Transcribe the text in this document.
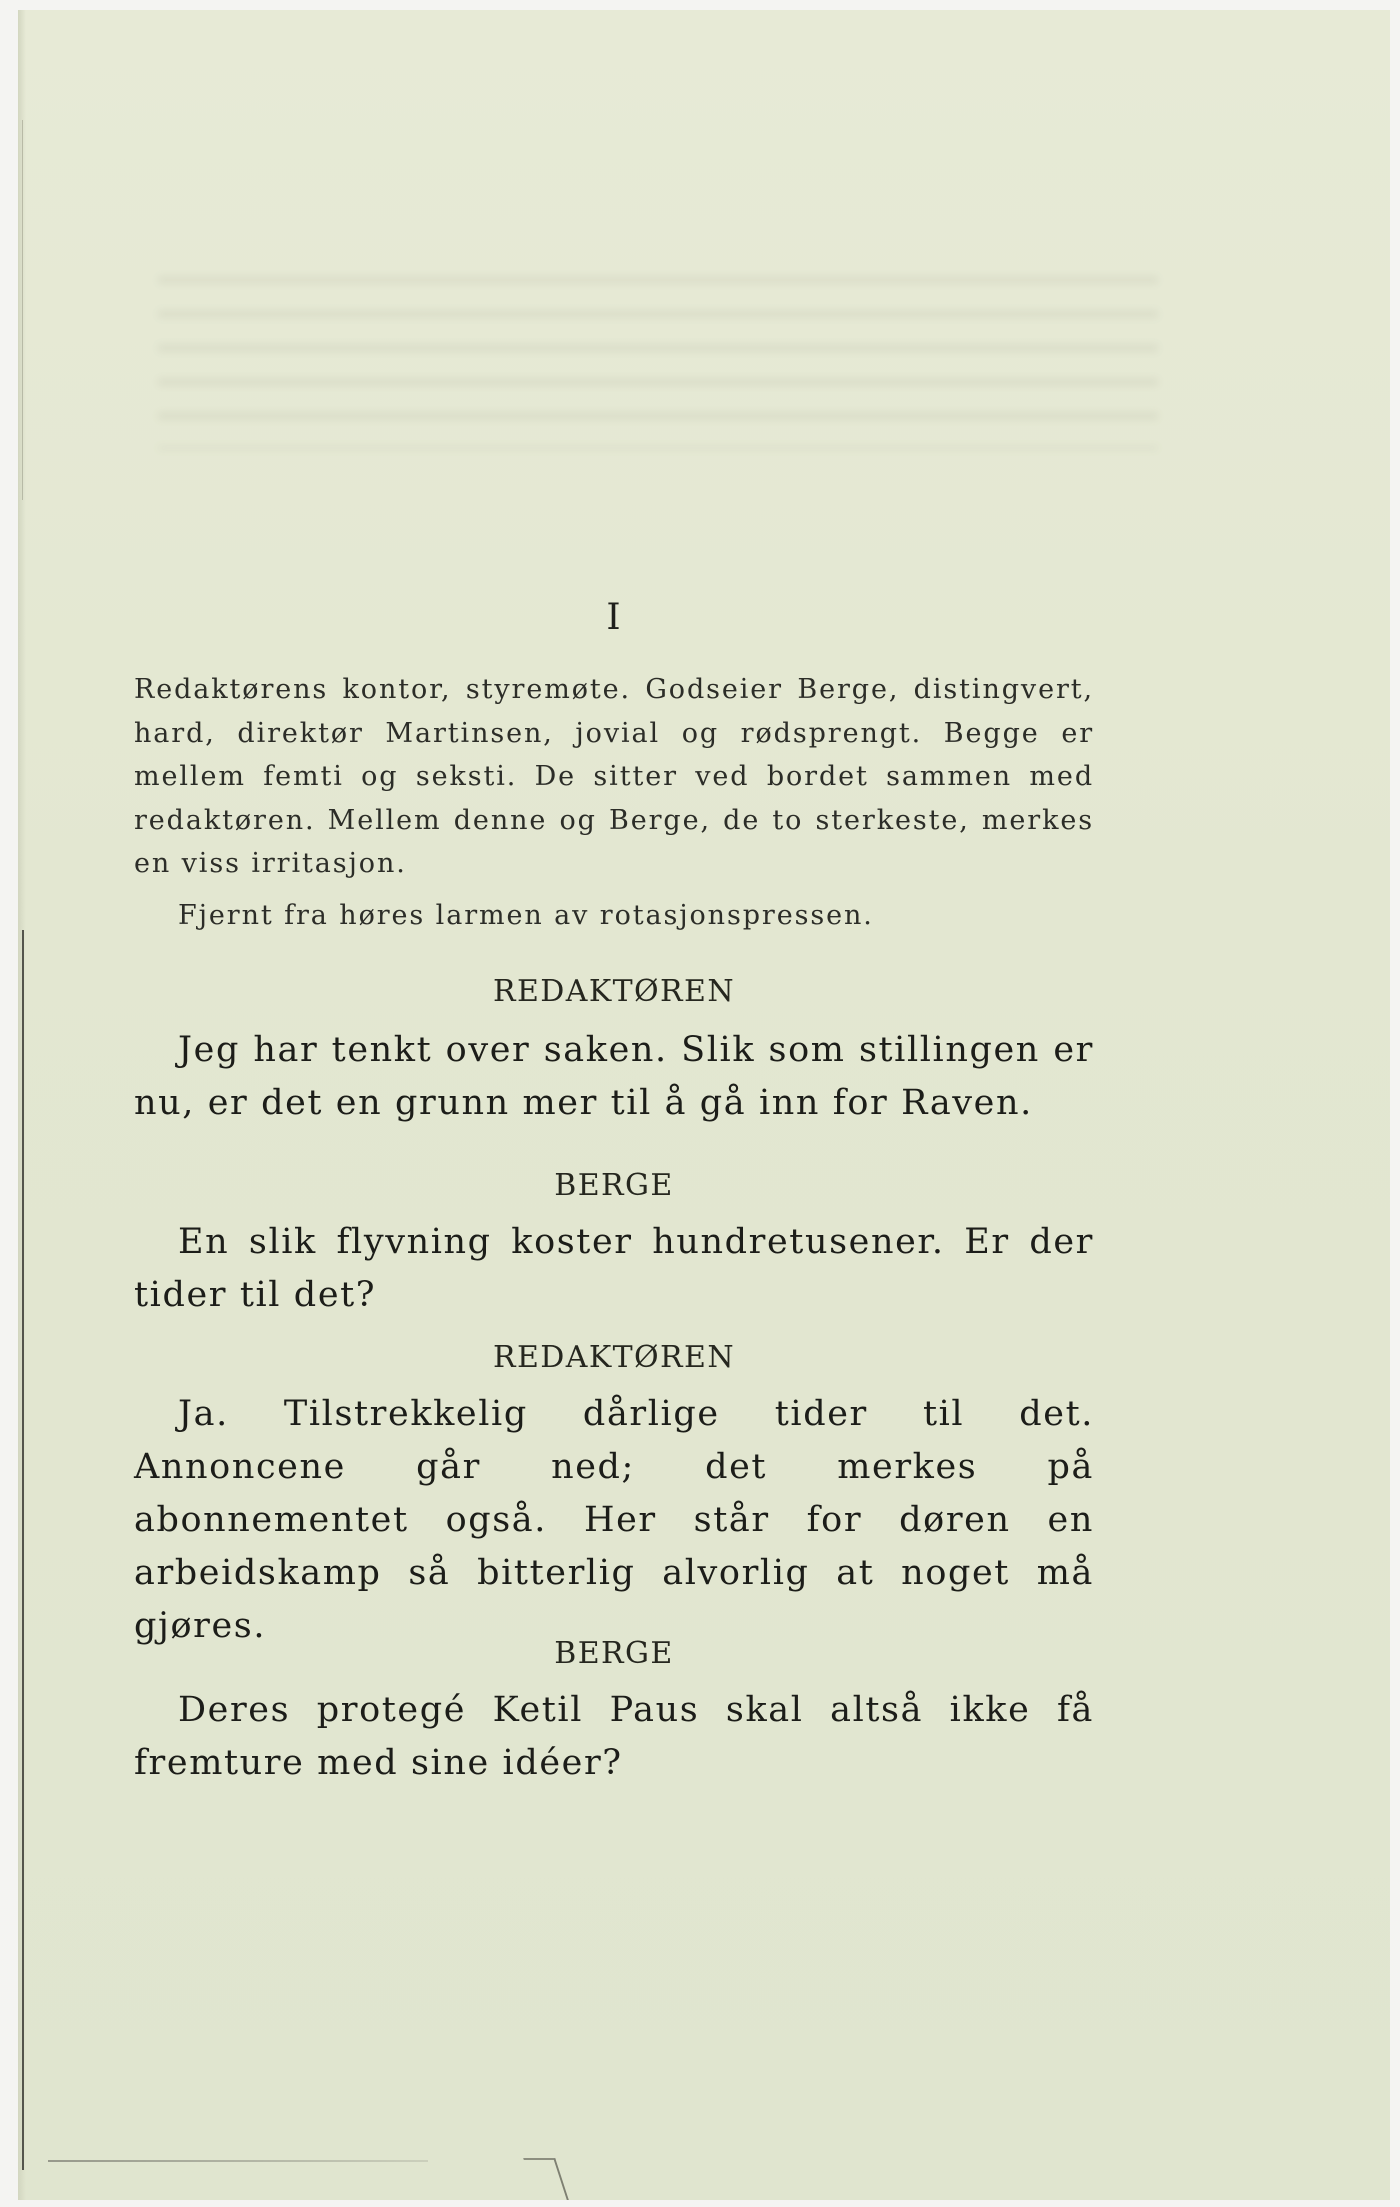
I

Redaktørens kontor, styremøte. Godseier Berge, distingvert, hard, direktør Martinsen, jovial og rødsprengt. Begge er mellem femti og seksti. De sitter ved bordet sammen med redaktøren. Mellem denne og Berge, de to sterkeste, merkes en viss irritasjon.

Fjernt fra høres larmen av rotasjonspressen.

REDAKTØREN

Jeg har tenkt over saken. Slik som stillingen er nu, er det en grunn mer til å gå inn for Raven.

BERGE

En slik flyvning koster hundretusener. Er der tider til det?

REDAKTØREN

Ja. Tilstrekkelig dårlige tider til det. Annoncene går ned; det merkes på abonnementet også. Her står for døren en arbeidskamp så bitterlig alvorlig at noget må gjøres.

BERGE

Deres protegé Ketil Paus skal altså ikke få fremture med sine idéer?
